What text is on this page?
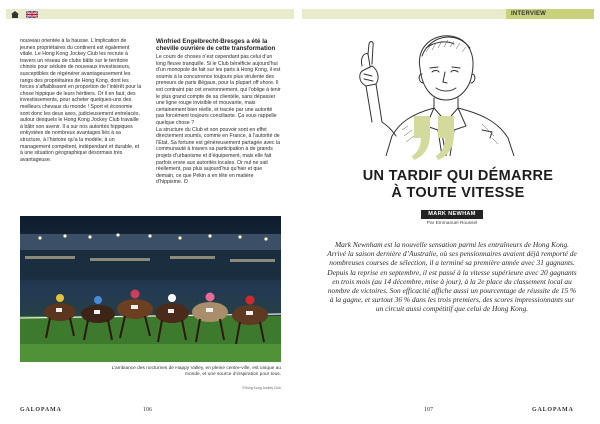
nouveau orientée à la hausse. L’implication de jeunes propriétaires du continent est également vitale. Le Hong Kong Jockey Club les recrute à travers un réseau de clubs bâtis sur le territoire chinois pour séduire de nouveaux investisseurs, susceptibles de régénérer avantageusement les rangs des propriétaires de Hong Kong, dont les forces s’affaiblissent en proportion de l’intérêt pour la chose hippique de leurs héritiers. Or il en faut, des investissements, pour acheter quelques-uns des meilleurs chevaux du monde ! Sport et économie sont donc les deux axes, judicieusement entrelacés, autour desquels le Hong Kong Jockey Club travaille à bâtir son avenir. Il a sur nos autorités hippiques enkystées de nombreux avantages liés à sa structure, à l’histoire qu’a la modèle, à un management compétent, indépendant et durable, et à une situation géographique désormais très avantageuse.

Winfried Engelbrecht-Bresges a été la cheville ouvrière de cette transformation

Le cours de choses n’est cependant pas celui d’un long fleuve tranquille. Si le Club bénéficie aujourd’hui d’un monopole de fait sur les paris à Hong Kong, il est soumis à la concurrence toujours plus virulente des preneurs de paris illégaux, pour la plupart off shore. Il est contraint par cet environnement, qui l’oblige à tenir le plus grand compte de sa clientèle, sans dépasser une ligne rouge invisible et mouvante, mais certainement bien réelle, et tracée par une autorité pas forcément toujours conciliante. Ça vous rappelle quelque chose ?

La structure du Club et son pouvoir sont en effet directement soumis, comme en France, à l’autorité de l’État. Sa fortune est généreusement partagée avec la communauté à travers sa participation à de grands projets d’urbanisme et d’équipement, mais elle fait parfois envie aux autorités locales. Or nul ne sait réellement, pas plus aujourd’hui qu’hier et que demain, ce que Pékin a en tête en matière d’hippisme. ʘ

L’ambiance des nocturnes de Happy Valley, en pleine centre-ville, est unique au monde, et une source d’inspiration pour tous.
©Hong Kong Jockey Club
GALOPAMA	106
INTERVIEW
UN TARDIF QUI DÉMARRE
À TOUTE VITESSE
MARK NEWHAM
Par Emmanuel Roussel
Mark Newnham est la nouvelle sensation parmi les entraîneurs de Hong Kong. Arrivé la saison dernière d’Australie, où ses pensionnaires avaient déjà remporté de nombreuses courses de sélection, il a terminé sa première année avec 31 gagnants. Depuis la reprise en septembre, il est passé à la vitesse supérieure avec 20 gagnants en trois mois (au 14 décembre, mise à jour), à la 2e place du classement local au nombre de victoires. Son efficacité affiche aussi un pourcentage de réussite de 15 % à la gagne, et surtout 36 % dans les trois premiers, des scores impressionnants sur un circuit aussi compétitif que celui de Hong Kong.
107	GALOPAMA
